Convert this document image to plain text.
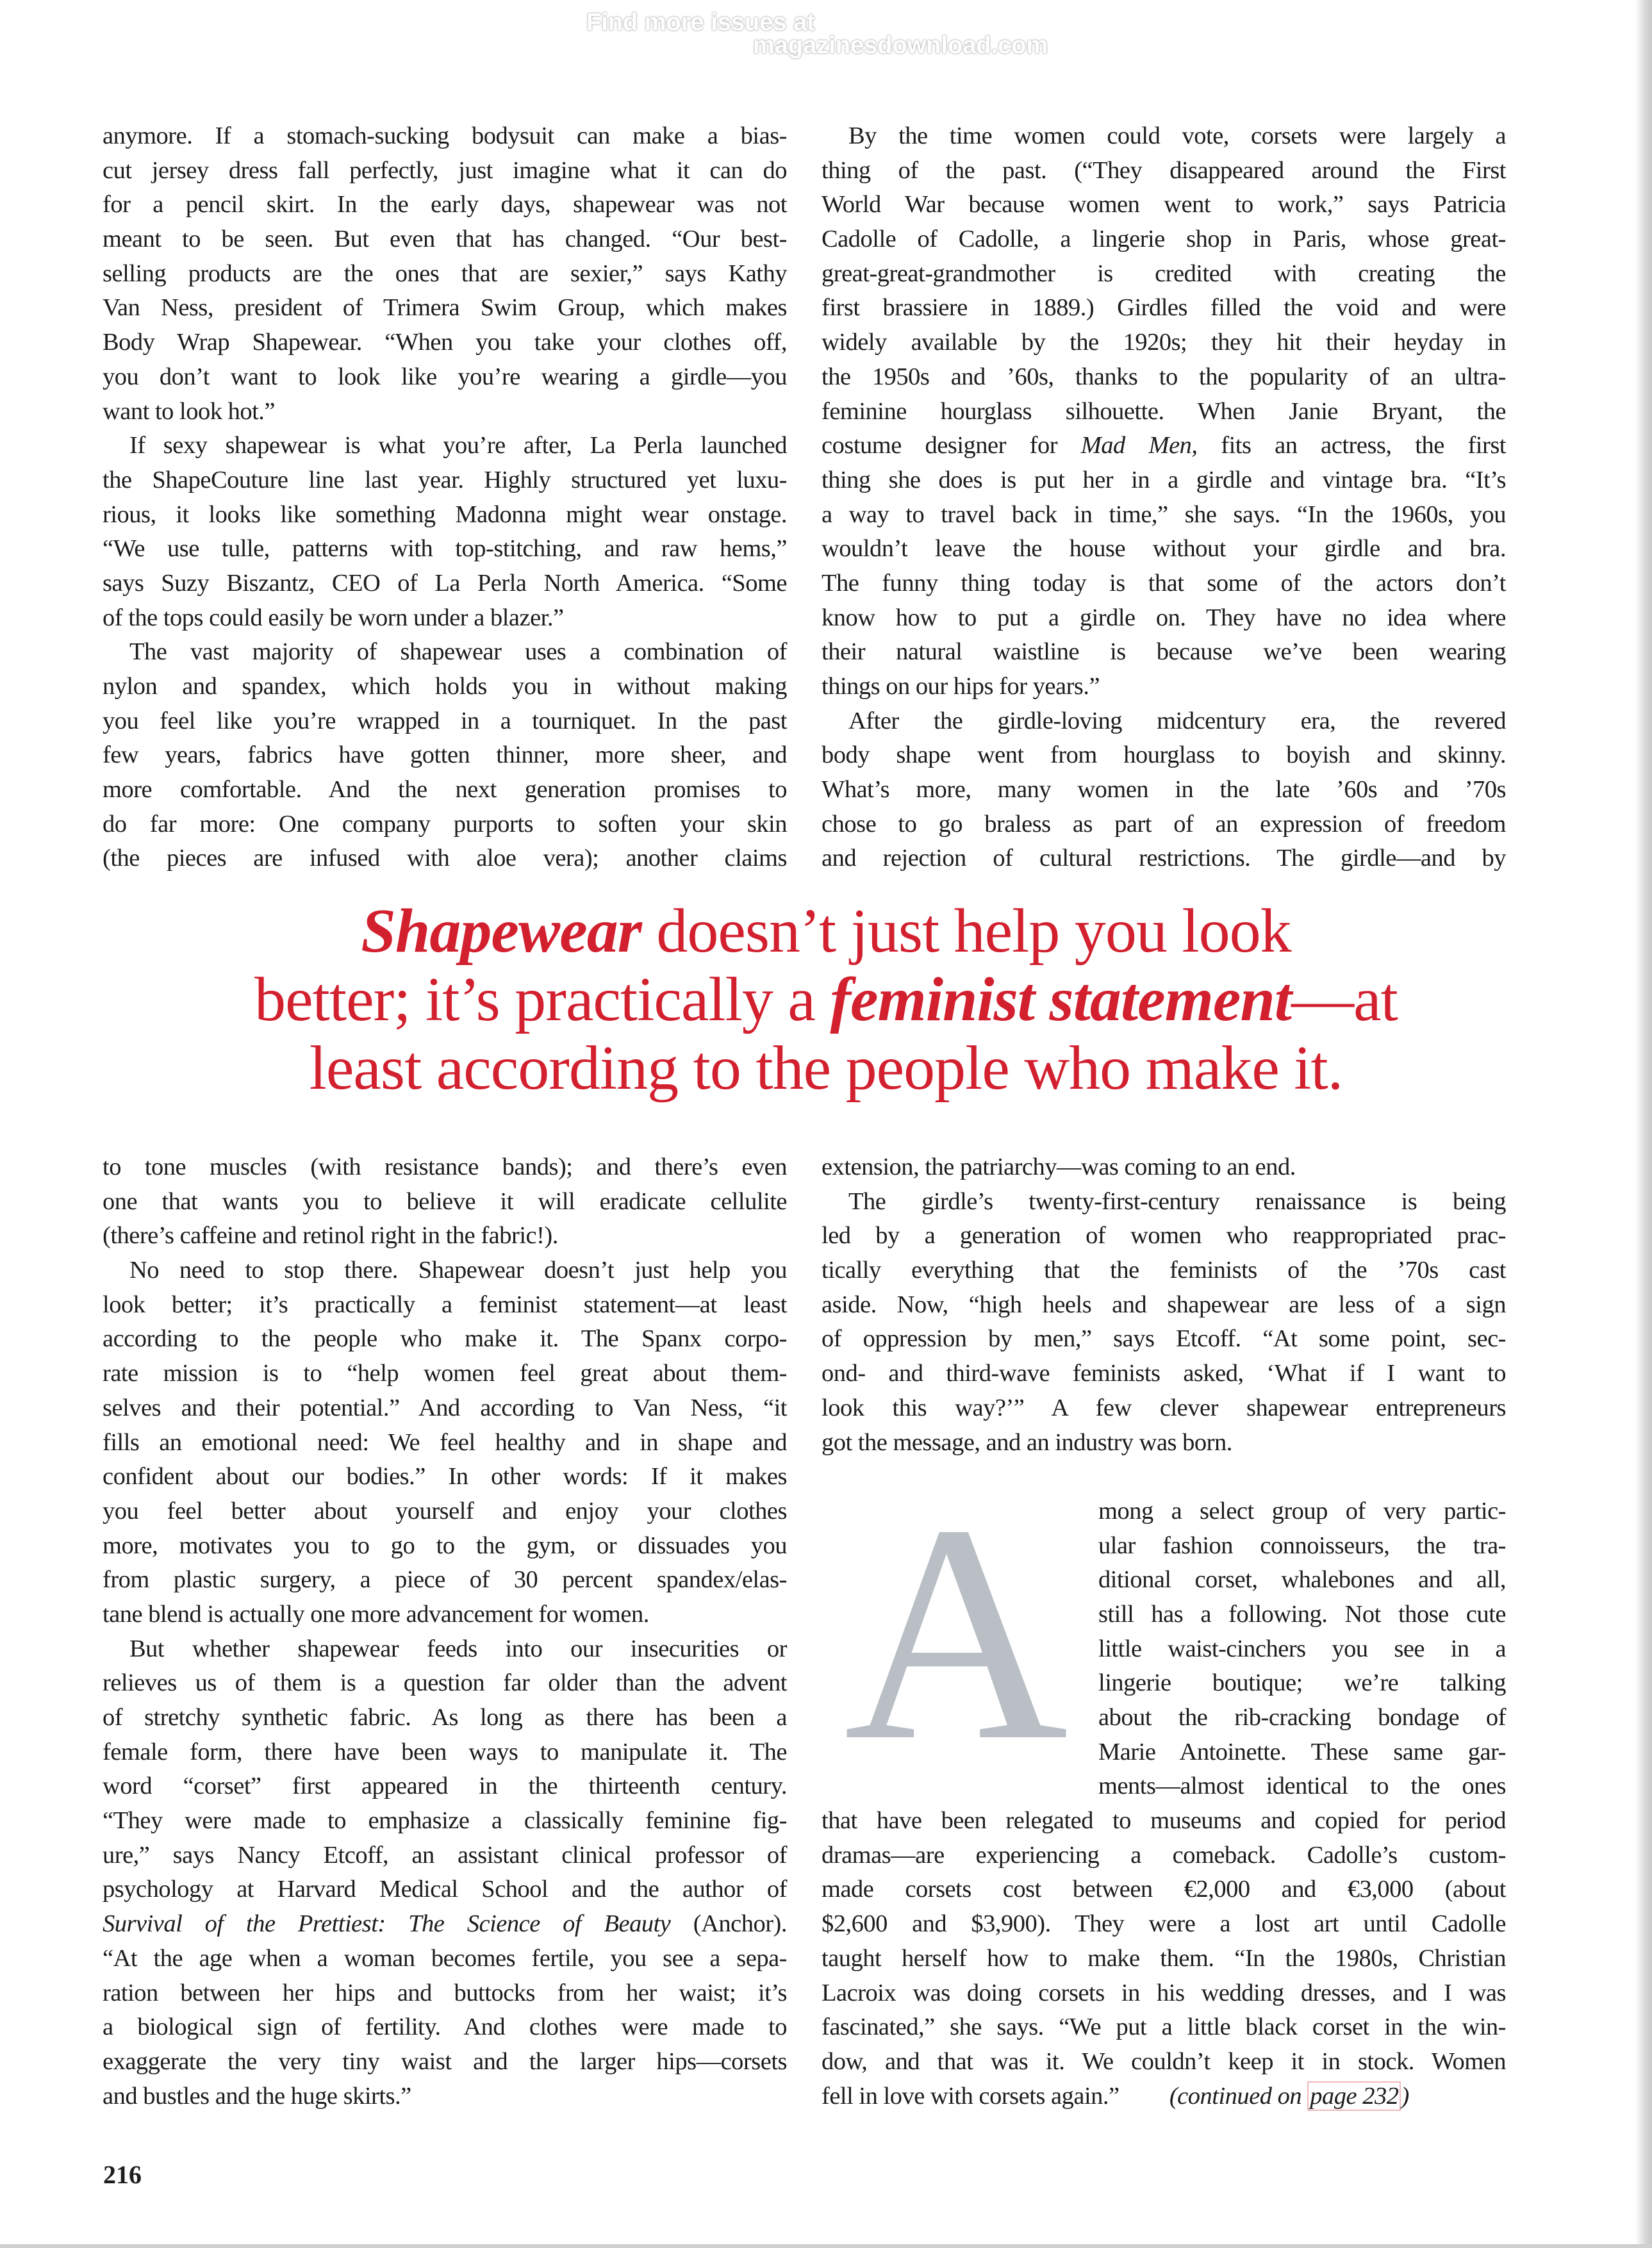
Find more issues at
magazinesdownload.com
anymore. If a stomach-sucking bodysuit can make a bias-
cut jersey dress fall perfectly, just imagine what it can do
for a pencil skirt. In the early days, shapewear was not
meant to be seen. But even that has changed. “Our best-
selling products are the ones that are sexier,” says Kathy
Van Ness, president of Trimera Swim Group, which makes
Body Wrap Shapewear. “When you take your clothes off,
you don’t want to look like you’re wearing a girdle—you
want to look hot.”
If sexy shapewear is what you’re after, La Perla launched
the ShapeCouture line last year. Highly structured yet luxu-
rious, it looks like something Madonna might wear onstage.
“We use tulle, patterns with top-stitching, and raw hems,”
says Suzy Biszantz, CEO of La Perla North America. “Some
of the tops could easily be worn under a blazer.”
The vast majority of shapewear uses a combination of
nylon and spandex, which holds you in without making
you feel like you’re wrapped in a tourniquet. In the past
few years, fabrics have gotten thinner, more sheer, and
more comfortable. And the next generation promises to
do far more: One company purports to soften your skin
(the pieces are infused with aloe vera); another claims
By the time women could vote, corsets were largely a
thing of the past. (“They disappeared around the First
World War because women went to work,” says Patricia
Cadolle of Cadolle, a lingerie shop in Paris, whose great-
great-great-grandmother is credited with creating the
first brassiere in 1889.) Girdles filled the void and were
widely available by the 1920s; they hit their heyday in
the 1950s and ’60s, thanks to the popularity of an ultra-
feminine hourglass silhouette. When Janie Bryant, the
costume designer for Mad Men, fits an actress, the first
thing she does is put her in a girdle and vintage bra. “It’s
a way to travel back in time,” she says. “In the 1960s, you
wouldn’t leave the house without your girdle and bra.
The funny thing today is that some of the actors don’t
know how to put a girdle on. They have no idea where
their natural waistline is because we’ve been wearing
things on our hips for years.”
After the girdle-loving midcentury era, the revered
body shape went from hourglass to boyish and skinny.
What’s more, many women in the late ’60s and ’70s
chose to go braless as part of an expression of freedom
and rejection of cultural restrictions. The girdle—and by
Shapewear doesn’t just help you look
better; it’s practically a feminist statement—at
least according to the people who make it.
to tone muscles (with resistance bands); and there’s even
one that wants you to believe it will eradicate cellulite
(there’s caffeine and retinol right in the fabric!).
No need to stop there. Shapewear doesn’t just help you
look better; it’s practically a feminist statement—at least
according to the people who make it. The Spanx corpo-
rate mission is to “help women feel great about them-
selves and their potential.” And according to Van Ness, “it
fills an emotional need: We feel healthy and in shape and
confident about our bodies.” In other words: If it makes
you feel better about yourself and enjoy your clothes
more, motivates you to go to the gym, or dissuades you
from plastic surgery, a piece of 30 percent spandex/elas-
tane blend is actually one more advancement for women.
But whether shapewear feeds into our insecurities or
relieves us of them is a question far older than the advent
of stretchy synthetic fabric. As long as there has been a
female form, there have been ways to manipulate it. The
word “corset” first appeared in the thirteenth century.
“They were made to emphasize a classically feminine fig-
ure,” says Nancy Etcoff, an assistant clinical professor of
psychology at Harvard Medical School and the author of
Survival of the Prettiest: The Science of Beauty (Anchor).
“At the age when a woman becomes fertile, you see a sepa-
ration between her hips and buttocks from her waist; it’s
a biological sign of fertility. And clothes were made to
exaggerate the very tiny waist and the larger hips—corsets
and bustles and the huge skirts.”
extension, the patriarchy—was coming to an end.
The girdle’s twenty-first-century renaissance is being
led by a generation of women who reappropriated prac-
tically everything that the feminists of the ’70s cast
aside. Now, “high heels and shapewear are less of a sign
of oppression by men,” says Etcoff. “At some point, sec-
ond- and third-wave feminists asked, ‘What if I want to
look this way?’” A few clever shapewear entrepreneurs
got the message, and an industry was born.
mong a select group of very partic-
ular fashion connoisseurs, the tra-
ditional corset, whalebones and all,
still has a following. Not those cute
little waist-cinchers you see in a
lingerie boutique; we’re talking
about the rib-cracking bondage of
Marie Antoinette. These same gar-
ments—almost identical to the ones
that have been relegated to museums and copied for period
dramas—are experiencing a comeback. Cadolle’s custom-
made corsets cost between €2,000 and €3,000 (about
$2,600 and $3,900). They were a lost art until Cadolle
taught herself how to make them. “In the 1980s, Christian
Lacroix was doing corsets in his wedding dresses, and I was
fascinated,” she says. “We put a little black corset in the win-
dow, and that was it. We couldn’t keep it in stock. Women
fell in love with corsets again.” (continued on page 232 )
A
216
